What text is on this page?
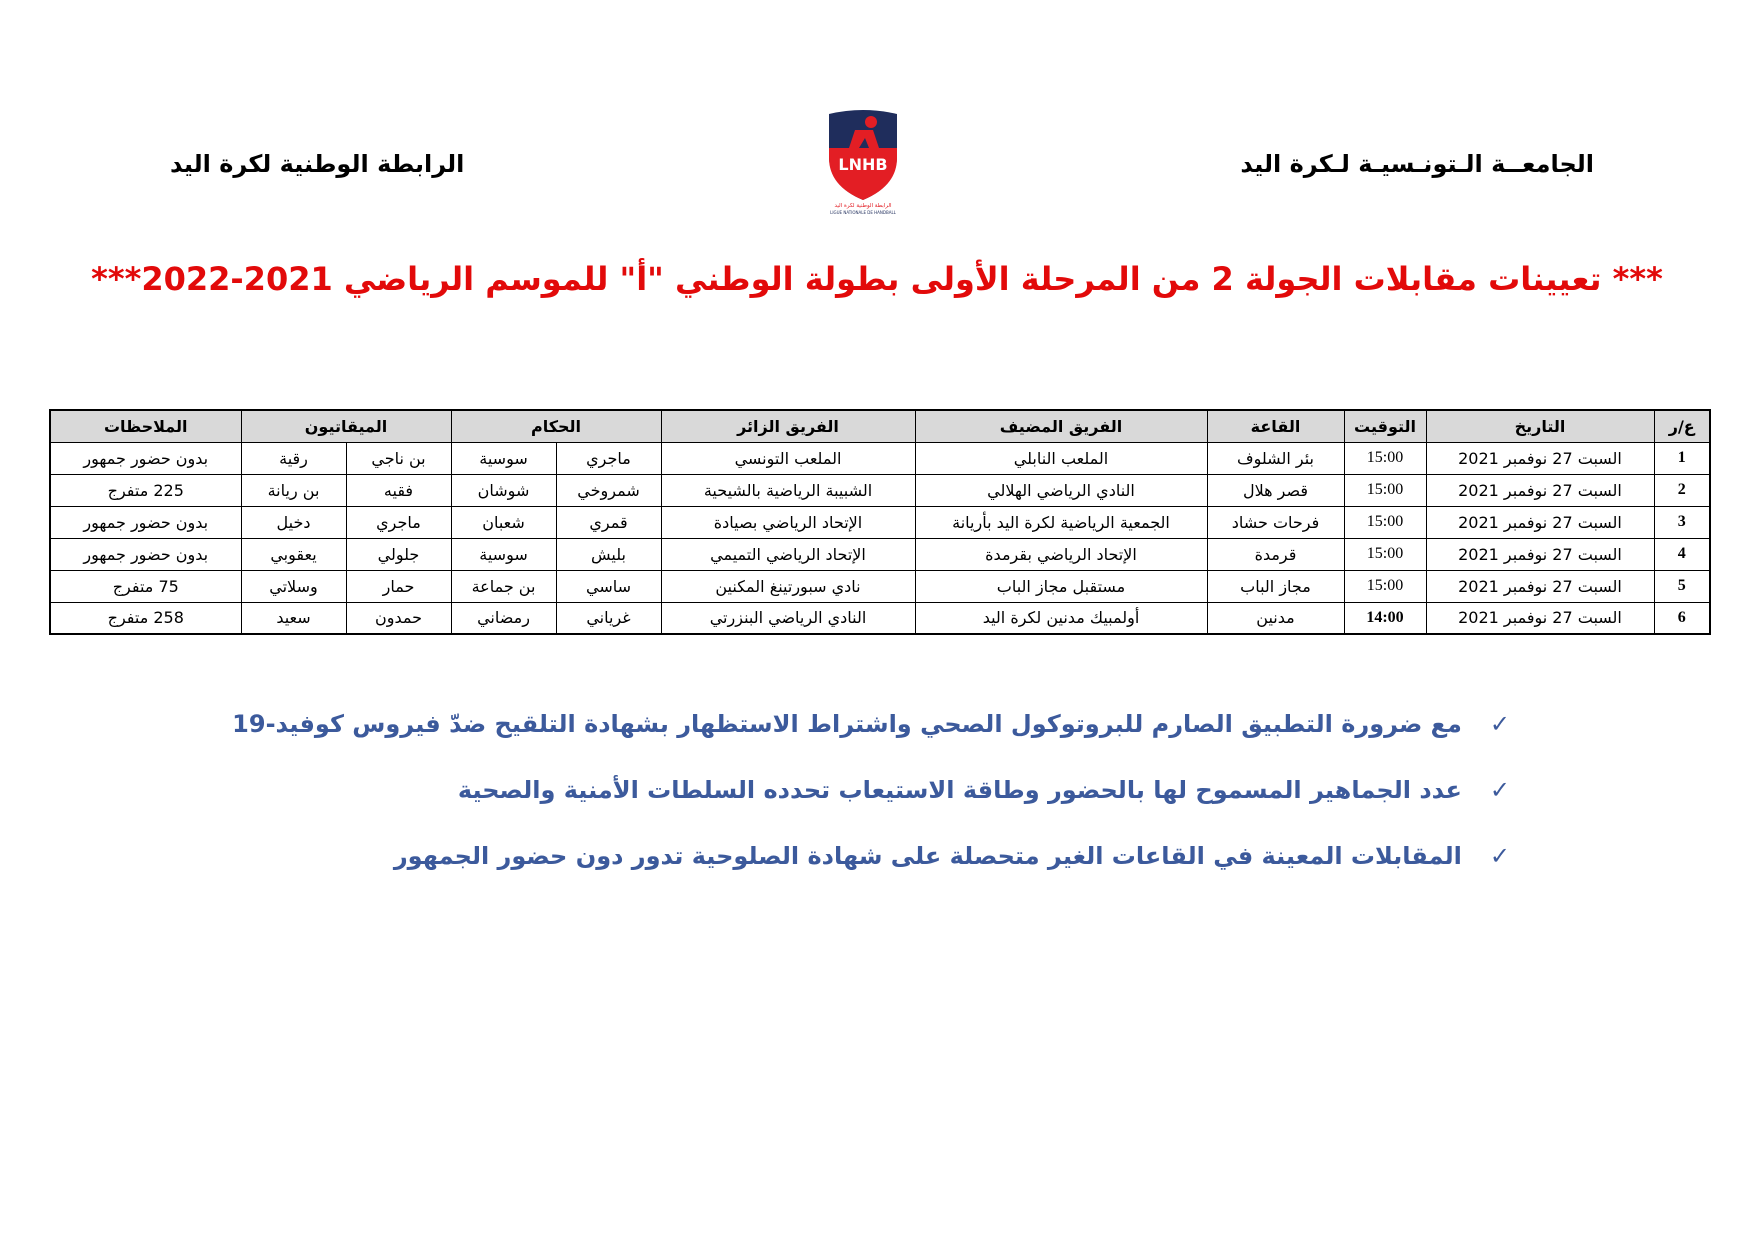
الجامعــة الـتونـسيـة لـكرة اليد
الرابطة الوطنية لكرة اليد	LNHB
الرابطة الوطنية لكرة اليد
LIGUE NATIONALE DE HANDBALL
*** تعيينات مقابلات الجولة 2 من المرحلة الأولى بطولة الوطني "أ" للموسم الرياضي 2021-2022***
ع/ر	التاريخ	التوقيت	القاعة	الفريق المضيف	الفريق الزائر	الحكام		الميقاتيون		الملاحظات
1	السبت 27 نوفمبر 2021	15:00	بئر الشلوف	الملعب النابلي	الملعب التونسي	ماجري	سوسية	بن ناجي	رقية	بدون حضور جمهور
2	السبت 27 نوفمبر 2021	15:00	قصر هلال	النادي الرياضي الهلالي	الشبيبة الرياضية بالشيحية	شمروخي	شوشان	فقيه	بن ريانة	225 متفرج
3	السبت 27 نوفمبر 2021	15:00	فرحات حشاد	الجمعية الرياضية لكرة اليد بأريانة	الإتحاد الرياضي بصيادة	قمري	شعبان	ماجري	دخيل	بدون حضور جمهور
4	السبت 27 نوفمبر 2021	15:00	قرمدة	الإتحاد الرياضي بقرمدة	الإتحاد الرياضي التميمي	بليش	سوسية	جلولي	يعقوبي	بدون حضور جمهور
5	السبت 27 نوفمبر 2021	15:00	مجاز الباب	مستقبل مجاز الباب	نادي سبورتينغ المكنين	ساسي	بن جماعة	حمار	وسلاتي	75 متفرج
6	السبت 27 نوفمبر 2021	14:00	مدنين	أولمبيك مدنين لكرة اليد	النادي الرياضي البنزرتي	غرياني	رمضاني	حمدون	سعيد	258 متفرج
✓مع ضرورة التطبيق الصارم للبروتوكول الصحي واشتراط الاستظهار بشهادة التلقيح ضدّ فيروس كوفيد-19
✓عدد الجماهير المسموح لها بالحضور وطاقة الاستيعاب تحدده السلطات الأمنية والصحية
✓المقابلات المعينة في القاعات الغير متحصلة على شهادة الصلوحية تدور دون حضور الجمهور
